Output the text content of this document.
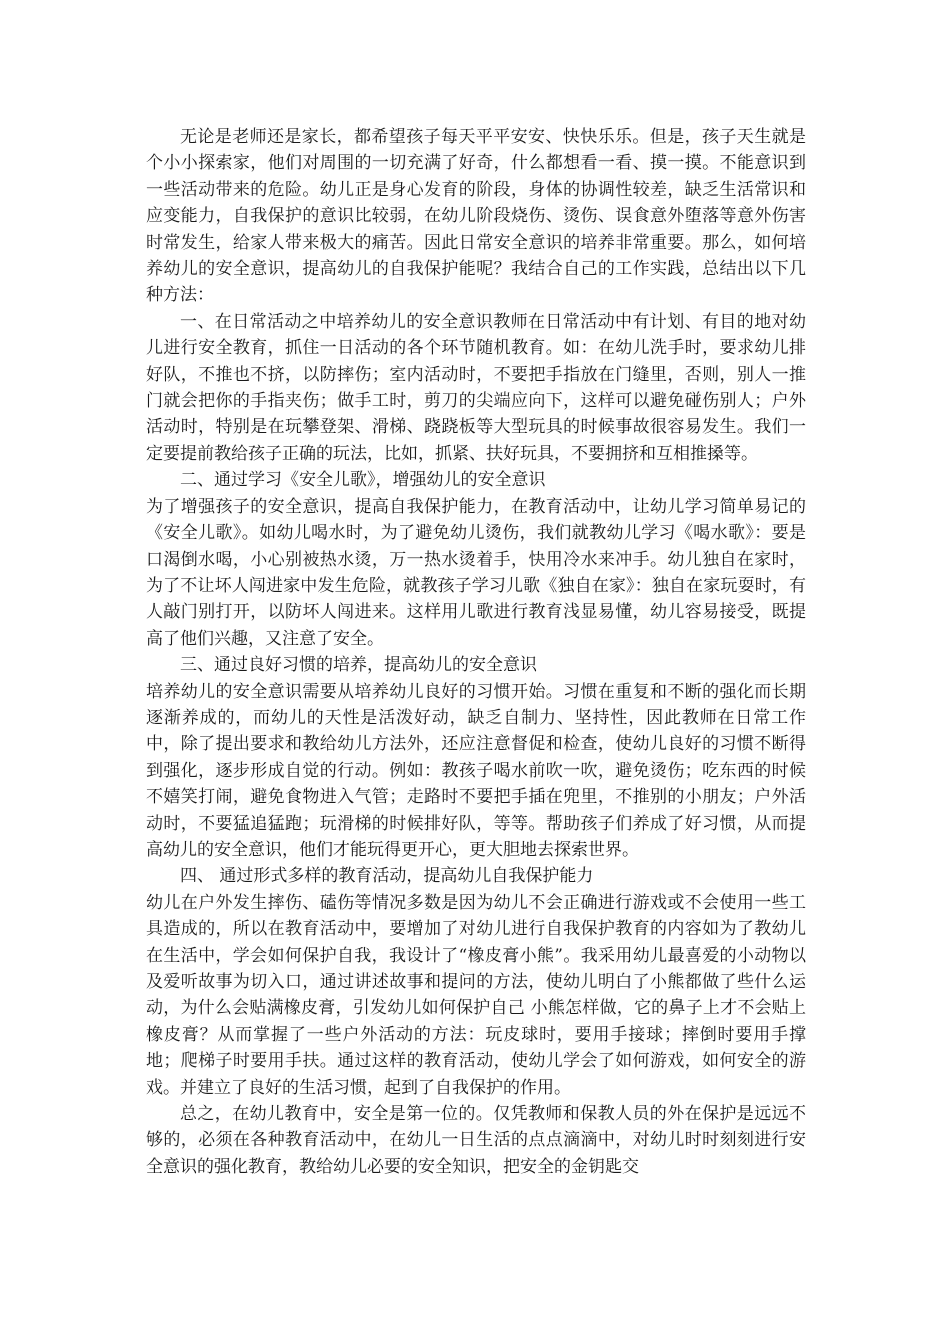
无论是老师还是家长，都希望孩子每天平平安安、快快乐乐。但是，孩子天生就是个小小探索家，他们对周围的一切充满了好奇，什么都想看一看、摸一摸。不能意识到一些活动带来的危险。幼儿正是身心发育的阶段，身体的协调性较差，缺乏生活常识和应变能力，自我保护的意识比较弱，在幼儿阶段烧伤、烫伤、误食意外堕落等意外伤害时常发生，给家人带来极大的痛苦。因此日常安全意识的培养非常重要。那么，如何培养幼儿的安全意识，提高幼儿的自我保护能呢？我结合自己的工作实践，总结出以下几种方法：

一、在日常活动之中培养幼儿的安全意识教师在日常活动中有计划、有目的地对幼儿进行安全教育，抓住一日活动的各个环节随机教育。如：在幼儿洗手时，要求幼儿排好队，不推也不挤，以防摔伤；室内活动时，不要把手指放在门缝里，否则，别人一推门就会把你的手指夹伤；做手工时，剪刀的尖端应向下，这样可以避免碰伤别人；户外活动时，特别是在玩攀登架、滑梯、跷跷板等大型玩具的时候事故很容易发生。我们一定要提前教给孩子正确的玩法，比如，抓紧、扶好玩具，不要拥挤和互相推搡等。

二、通过学习《安全儿歌》，增强幼儿的安全意识

为了增强孩子的安全意识，提高自我保护能力，在教育活动中，让幼儿学习简单易记的《安全儿歌》。如幼儿喝水时，为了避免幼儿烫伤，我们就教幼儿学习《喝水歌》：要是口渴倒水喝，小心别被热水烫，万一热水烫着手，快用冷水来冲手。幼儿独自在家时，为了不让坏人闯进家中发生危险，就教孩子学习儿歌《独自在家》：独自在家玩耍时，有人敲门别打开，以防坏人闯进来。这样用儿歌进行教育浅显易懂，幼儿容易接受，既提高了他们兴趣，又注意了安全。

三、通过良好习惯的培养，提高幼儿的安全意识

培养幼儿的安全意识需要从培养幼儿良好的习惯开始。习惯在重复和不断的强化而长期逐渐养成的，而幼儿的天性是活泼好动，缺乏自制力、坚持性，因此教师在日常工作中，除了提出要求和教给幼儿方法外，还应注意督促和检查，使幼儿良好的习惯不断得到强化，逐步形成自觉的行动。例如：教孩子喝水前吹一吹，避免烫伤；吃东西的时候不嬉笑打闹，避免食物进入气管；走路时不要把手插在兜里，不推别的小朋友；户外活动时，不要猛追猛跑；玩滑梯的时候排好队，等等。帮助孩子们养成了好习惯，从而提高幼儿的安全意识，他们才能玩得更开心，更大胆地去探索世界。

四、 通过形式多样的教育活动，提高幼儿自我保护能力

幼儿在户外发生摔伤、磕伤等情况多数是因为幼儿不会正确进行游戏或不会使用一些工具造成的，所以在教育活动中，要增加了对幼儿进行自我保护教育的内容如为了教幼儿在生活中，学会如何保护自我，我设计了“橡皮膏小熊”。我采用幼儿最喜爱的小动物以及爱听故事为切入口，通过讲述故事和提问的方法，使幼儿明白了小熊都做了些什么运动，为什么会贴满橡皮膏，引发幼儿如何保护自己 小熊怎样做，它的鼻子上才不会贴上橡皮膏？从而掌握了一些户外活动的方法：玩皮球时，要用手接球；摔倒时要用手撑地；爬梯子时要用手扶。通过这样的教育活动，使幼儿学会了如何游戏，如何安全的游戏。并建立了良好的生活习惯，起到了自我保护的作用。

总之，在幼儿教育中，安全是第一位的。仅凭教师和保教人员的外在保护是远远不够的，必须在各种教育活动中，在幼儿一日生活的点点滴滴中，对幼儿时时刻刻进行安全意识的强化教育，教给幼儿必要的安全知识，把安全的金钥匙交
